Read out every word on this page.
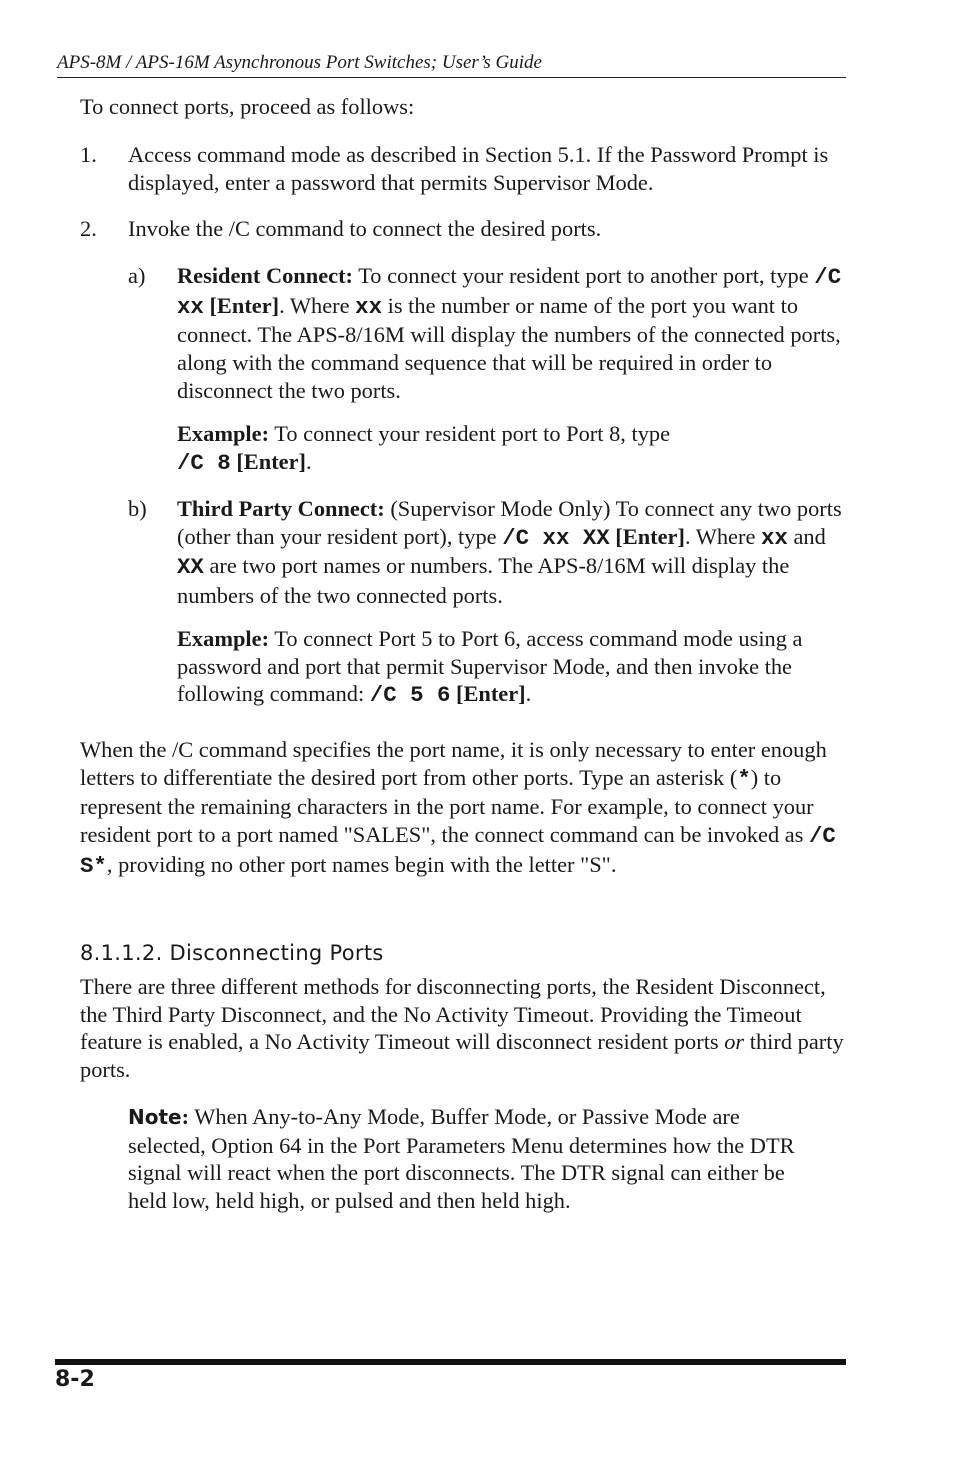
APS-8M / APS-16M Asynchronous Port Switches; User’s Guide

To connect ports, proceed as follows:

1. Access command mode as described in Section 5.1. If the Password Prompt is displayed, enter a password that permits Supervisor Mode.

2. Invoke the /C command to connect the desired ports.

a) Resident Connect: To connect your resident port to another port, type /C xx [Enter]. Where xx is the number or name of the port you want to connect. The APS-8/16M will display the numbers of the connected ports, along with the command sequence that will be required in order to disconnect the two ports.

Example: To connect your resident port to Port 8, type
/C 8 [Enter].

b) Third Party Connect: (Supervisor Mode Only) To connect any two ports (other than your resident port), type /C xx XX [Enter]. Where xx and XX are two port names or numbers. The APS-8/16M will display the numbers of the two connected ports.

Example: To connect Port 5 to Port 6, access command mode using a password and port that permit Supervisor Mode, and then invoke the following command: /C 5 6 [Enter].

When the /C command specifies the port name, it is only necessary to enter enough letters to differentiate the desired port from other ports. Type an asterisk (*) to represent the remaining characters in the port name. For example, to connect your resident port to a port named "SALES", the connect command can be invoked as /C S*, providing no other port names begin with the letter "S".

8.1.1.2. Disconnecting Ports

There are three different methods for disconnecting ports, the Resident Disconnect, the Third Party Disconnect, and the No Activity Timeout. Providing the Timeout feature is enabled, a No Activity Timeout will disconnect resident ports or third party ports.

Note: When Any-to-Any Mode, Buffer Mode, or Passive Mode are selected, Option 64 in the Port Parameters Menu determines how the DTR signal will react when the port disconnects. The DTR signal can either be held low, held high, or pulsed and then held high.

8-2
